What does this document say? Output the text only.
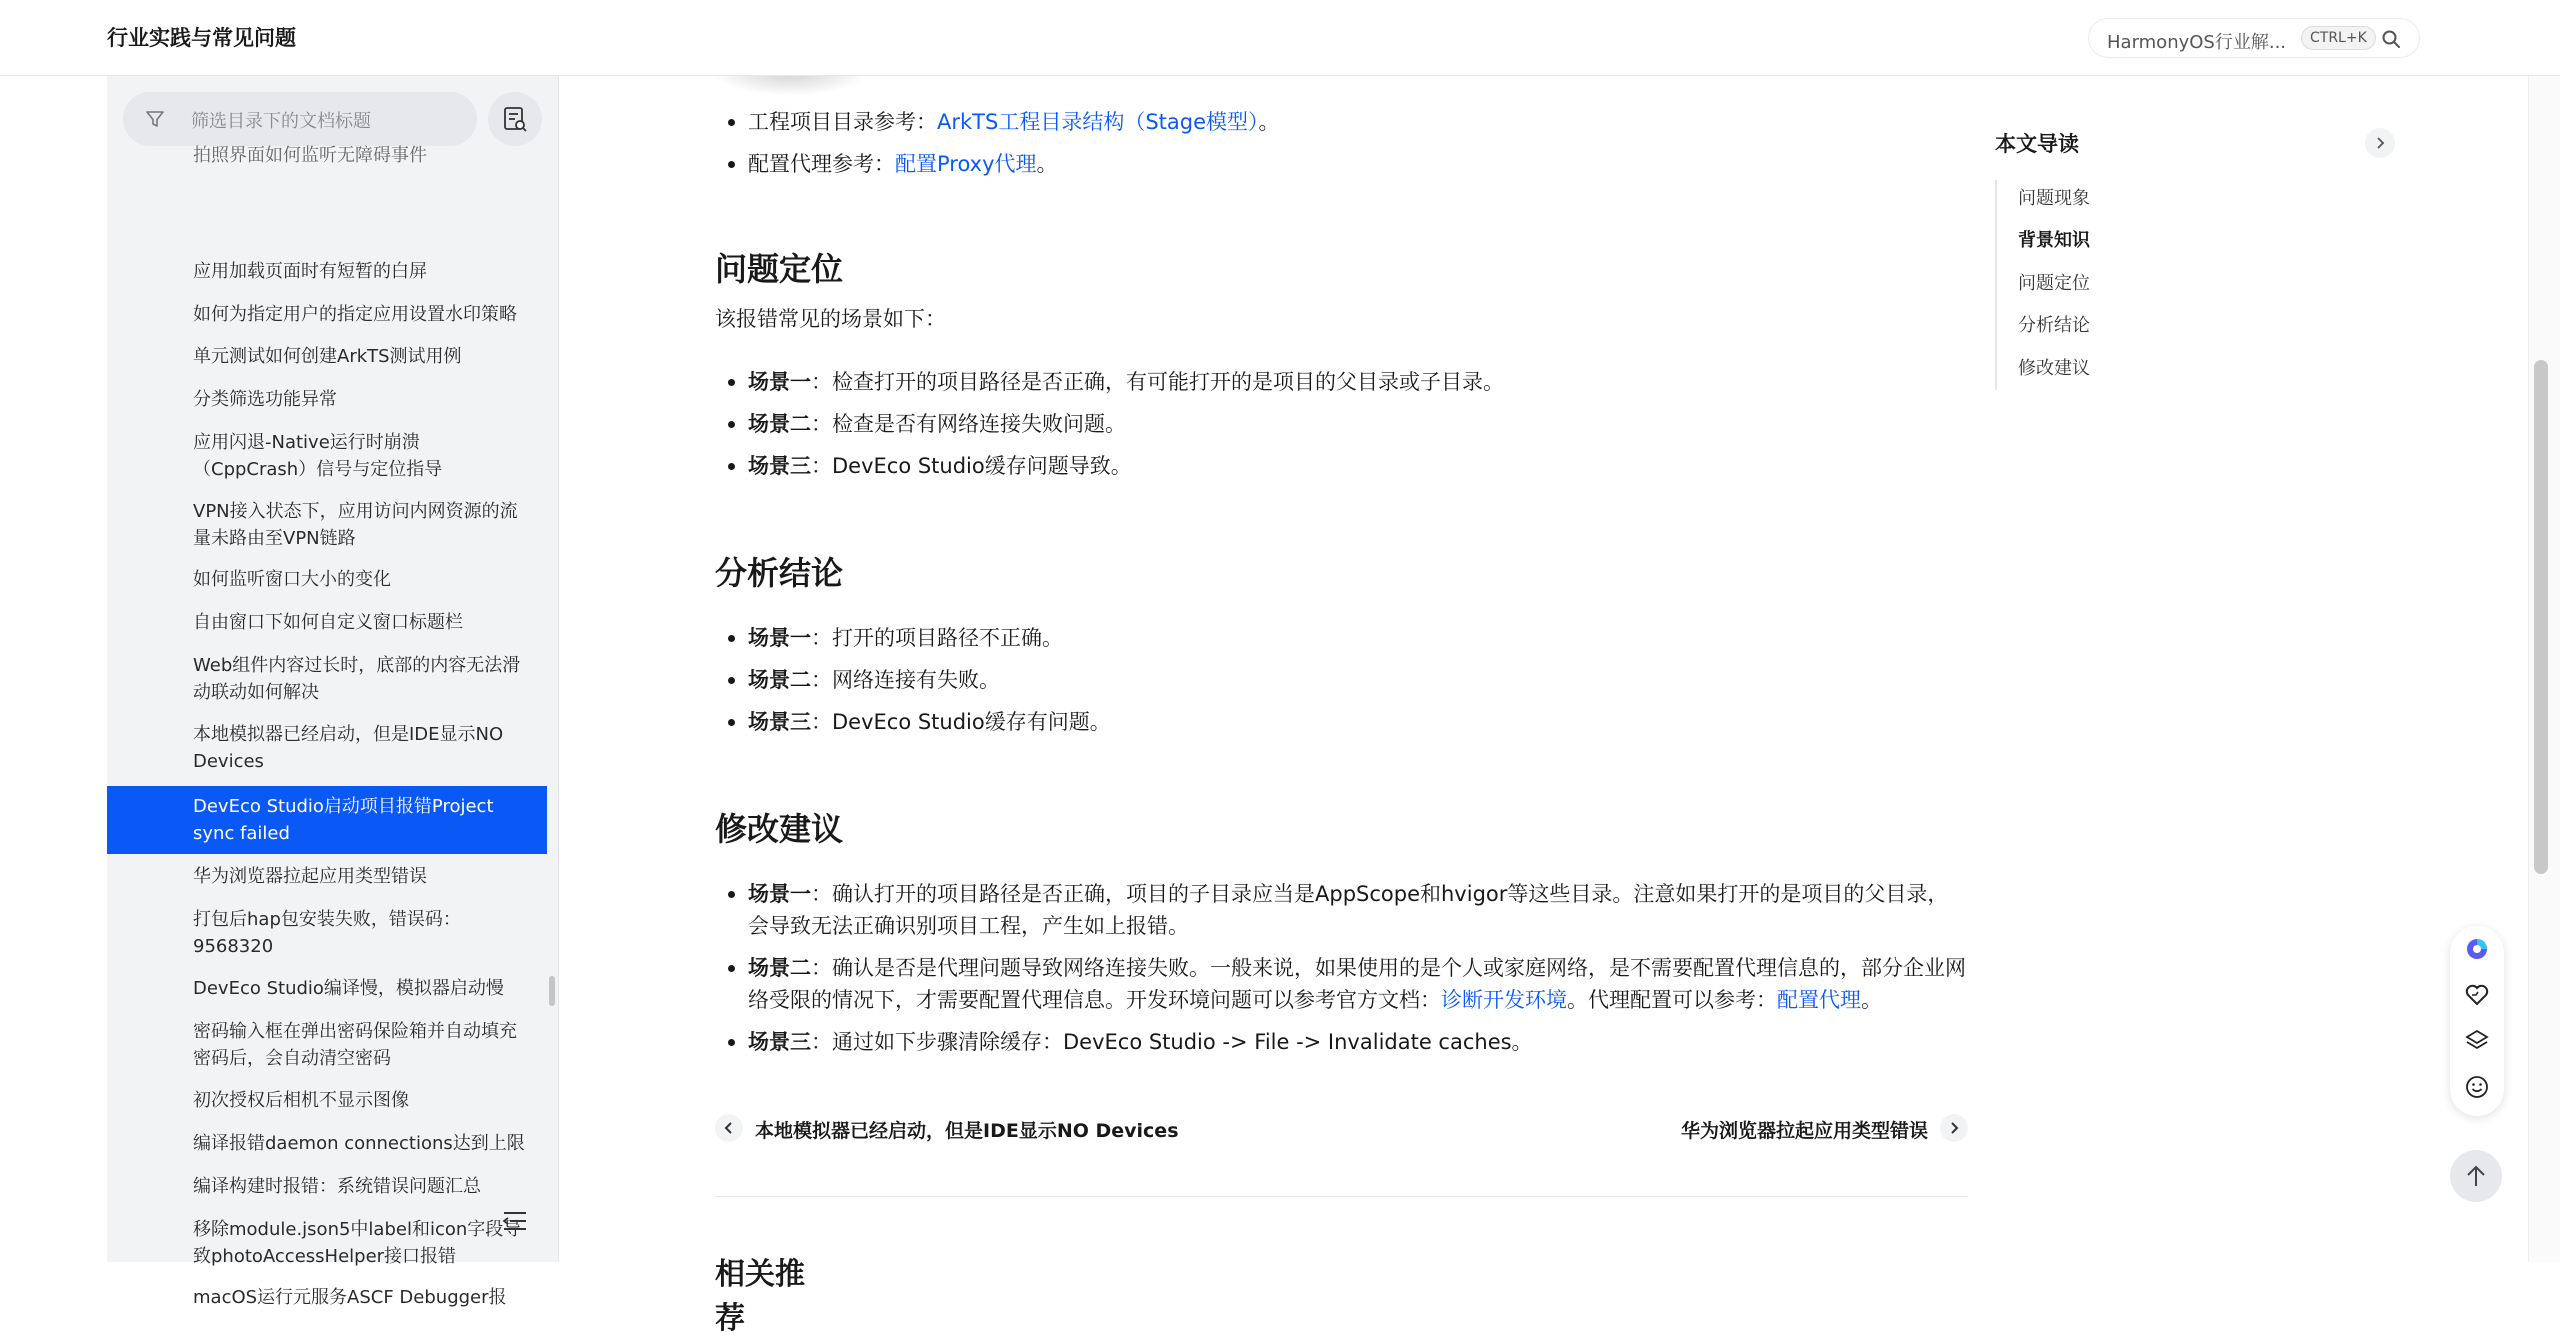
行业实践与常见问题	HarmonyOS行业解...	CTRL+K
筛选目录下的文档标题
拍照界面如何监听无障碍事件
应用加载页面时有短暂的白屏
如何为指定用户的指定应用设置水印策略
单元测试如何创建ArkTS测试用例
分类筛选功能异常
应用闪退-Native运行时崩溃（CppCrash）信号与定位指导
VPN接入状态下，应用访问内网资源的流量未路由至VPN链路
如何监听窗口大小的变化
自由窗口下如何自定义窗口标题栏
Web组件内容过长时，底部的内容无法滑动联动如何解决
本地模拟器已经启动，但是IDE显示NO Devices
DevEco Studio启动项目报错Project sync failed
华为浏览器拉起应用类型错误
打包后hap包安装失败，错误码：9568320
DevEco Studio编译慢，模拟器启动慢
密码输入框在弹出密码保险箱并自动填充密码后，会自动清空密码
初次授权后相机不显示图像
编译报错daemon connections达到上限
编译构建时报错：系统错误问题汇总
移除module.json5中label和icon字段导致photoAccessHelper接口报错
macOS运行元服务ASCF Debugger报
工程项目目录参考：ArkTS工程目录结构（Stage模型）。
配置代理参考：配置Proxy代理。
问题定位
该报错常见的场景如下：
场景一：检查打开的项目路径是否正确，有可能打开的是项目的父目录或子目录。
场景二：检查是否有网络连接失败问题。
场景三：DevEco Studio缓存问题导致。
分析结论
场景一：打开的项目路径不正确。
场景二：网络连接有失败。
场景三：DevEco Studio缓存有问题。
修改建议
场景一：确认打开的项目路径是否正确，项目的子目录应当是AppScope和hvigor等这些目录。注意如果打开的是项目的父目录，会导致无法正确识别项目工程，产生如上报错。
场景二：确认是否是代理问题导致网络连接失败。一般来说，如果使用的是个人或家庭网络，是不需要配置代理信息的，部分企业网络受限的情况下，才需要配置代理信息。开发环境问题可以参考官方文档：诊断开发环境。代理配置可以参考：配置代理。
场景三：通过如下步骤清除缓存：DevEco Studio -> File -> Invalidate caches。
本地模拟器已经启动，但是IDE显示NO Devices	华为浏览器拉起应用类型错误
相关推荐
本文导读
问题现象
背景知识
问题定位
分析结论
修改建议
